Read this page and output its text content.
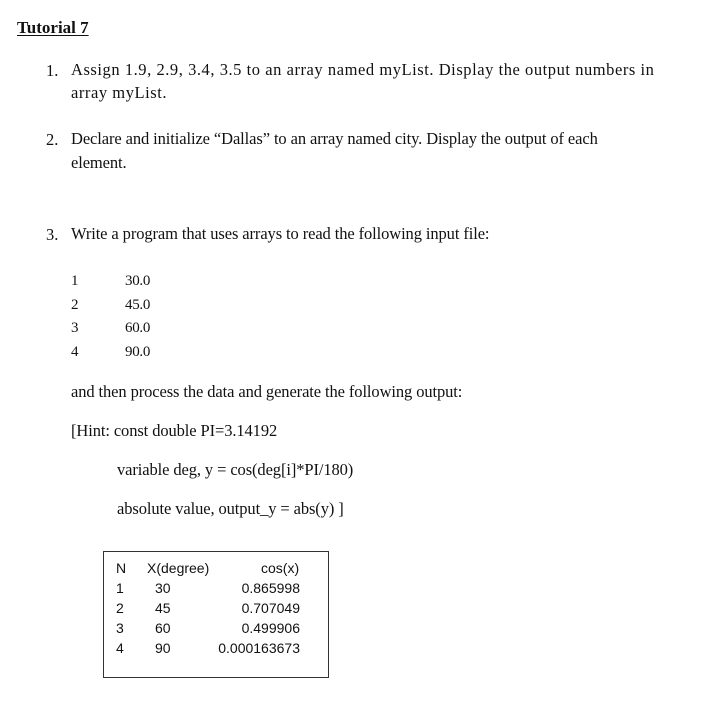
Tutorial 7
1. Assign 1.9, 2.9, 3.4, 3.5 to an array named myList. Display the output numbers in
array myList.
2. Declare and initialize “Dallas” to an array named city. Display the output of each
element.
3. Write a program that uses arrays to read the following input file:
1	30.0
2	45.0
3	60.0
4	90.0
and then process the data and generate the following output:
[Hint: const double PI=3.14192
variable deg, y = cos(deg[i]*PI/180)
absolute value, output_y = abs(y) ]
N X(degree)	cos(x)
1 30	0.865998
2 45	0.707049
3 60	0.499906
4 90	0.000163673
